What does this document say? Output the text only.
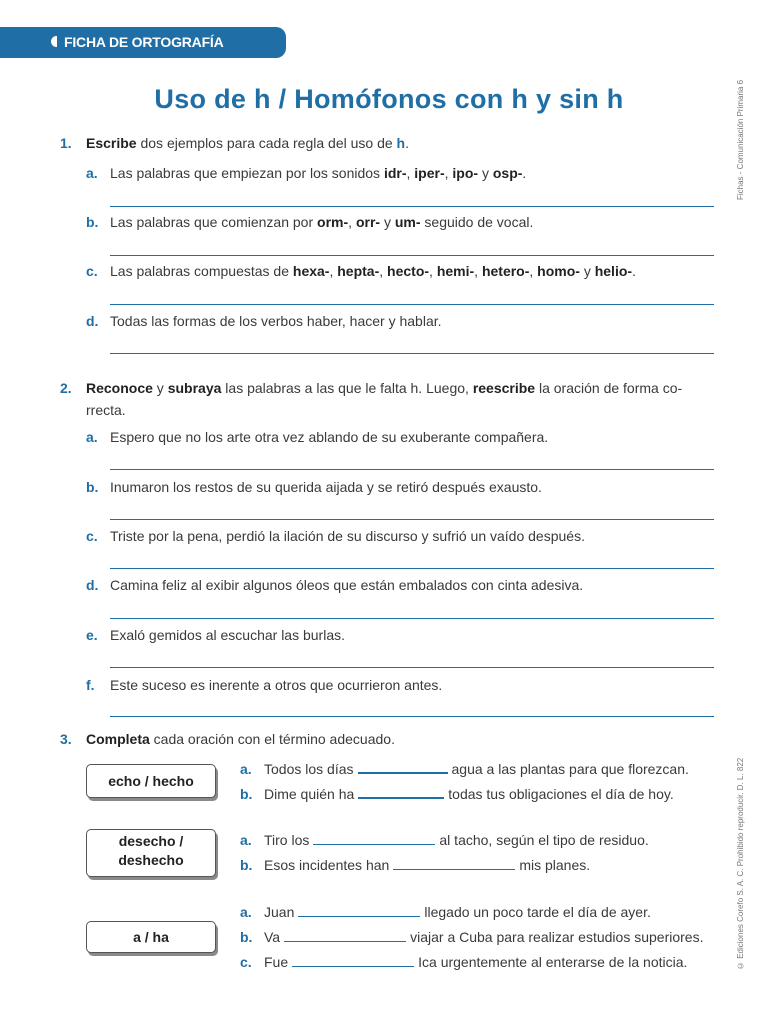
FICHA DE ORTOGRAFÍA
Uso de h / Homófonos con h y sin h	Fichas - Comunicación Primaria 6
© Ediciones Corefo S. A. C. Prohibido reproducir. D. L. 822
1. Escribe dos ejemplos para cada regla del uso de h.
a. Las palabras que empiezan por los sonidos idr-, iper-, ipo- y osp-.
b. Las palabras que comienzan por orm-, orr- y um- seguido de vocal.
c. Las palabras compuestas de hexa-, hepta-, hecto-, hemi-, hetero-, homo- y helio-.
d. Todas las formas de los verbos haber, hacer y hablar.
2. Reconoce y subraya las palabras a las que le falta h. Luego, reescribe la oración de forma co-
rrecta.
a. Espero que no los arte otra vez ablando de su exuberante compañera.
b. Inumaron los restos de su querida aijada y se retiró después exausto.
c. Triste por la pena, perdió la ilación de su discurso y sufrió un vaído después.
d. Camina feliz al exibir algunos óleos que están embalados con cinta adesiva.
e. Exaló gemidos al escuchar las burlas.
f. Este suceso es inerente a otros que ocurrieron antes.
3. Completa cada oración con el término adecuado.
echo / hecho
a. Todos los días	agua a las plantas para que florezcan.
b. Dime quién ha	todas tus obligaciones el día de hoy.
desecho /
deshecho
a. Tiro los	al tacho, según el tipo de residuo.
b. Esos incidentes han	mis planes.
a / ha
a. Juan	llegado un poco tarde el día de ayer.
b. Va	viajar a Cuba para realizar estudios superiores.
c. Fue	Ica urgentemente al enterarse de la noticia.
